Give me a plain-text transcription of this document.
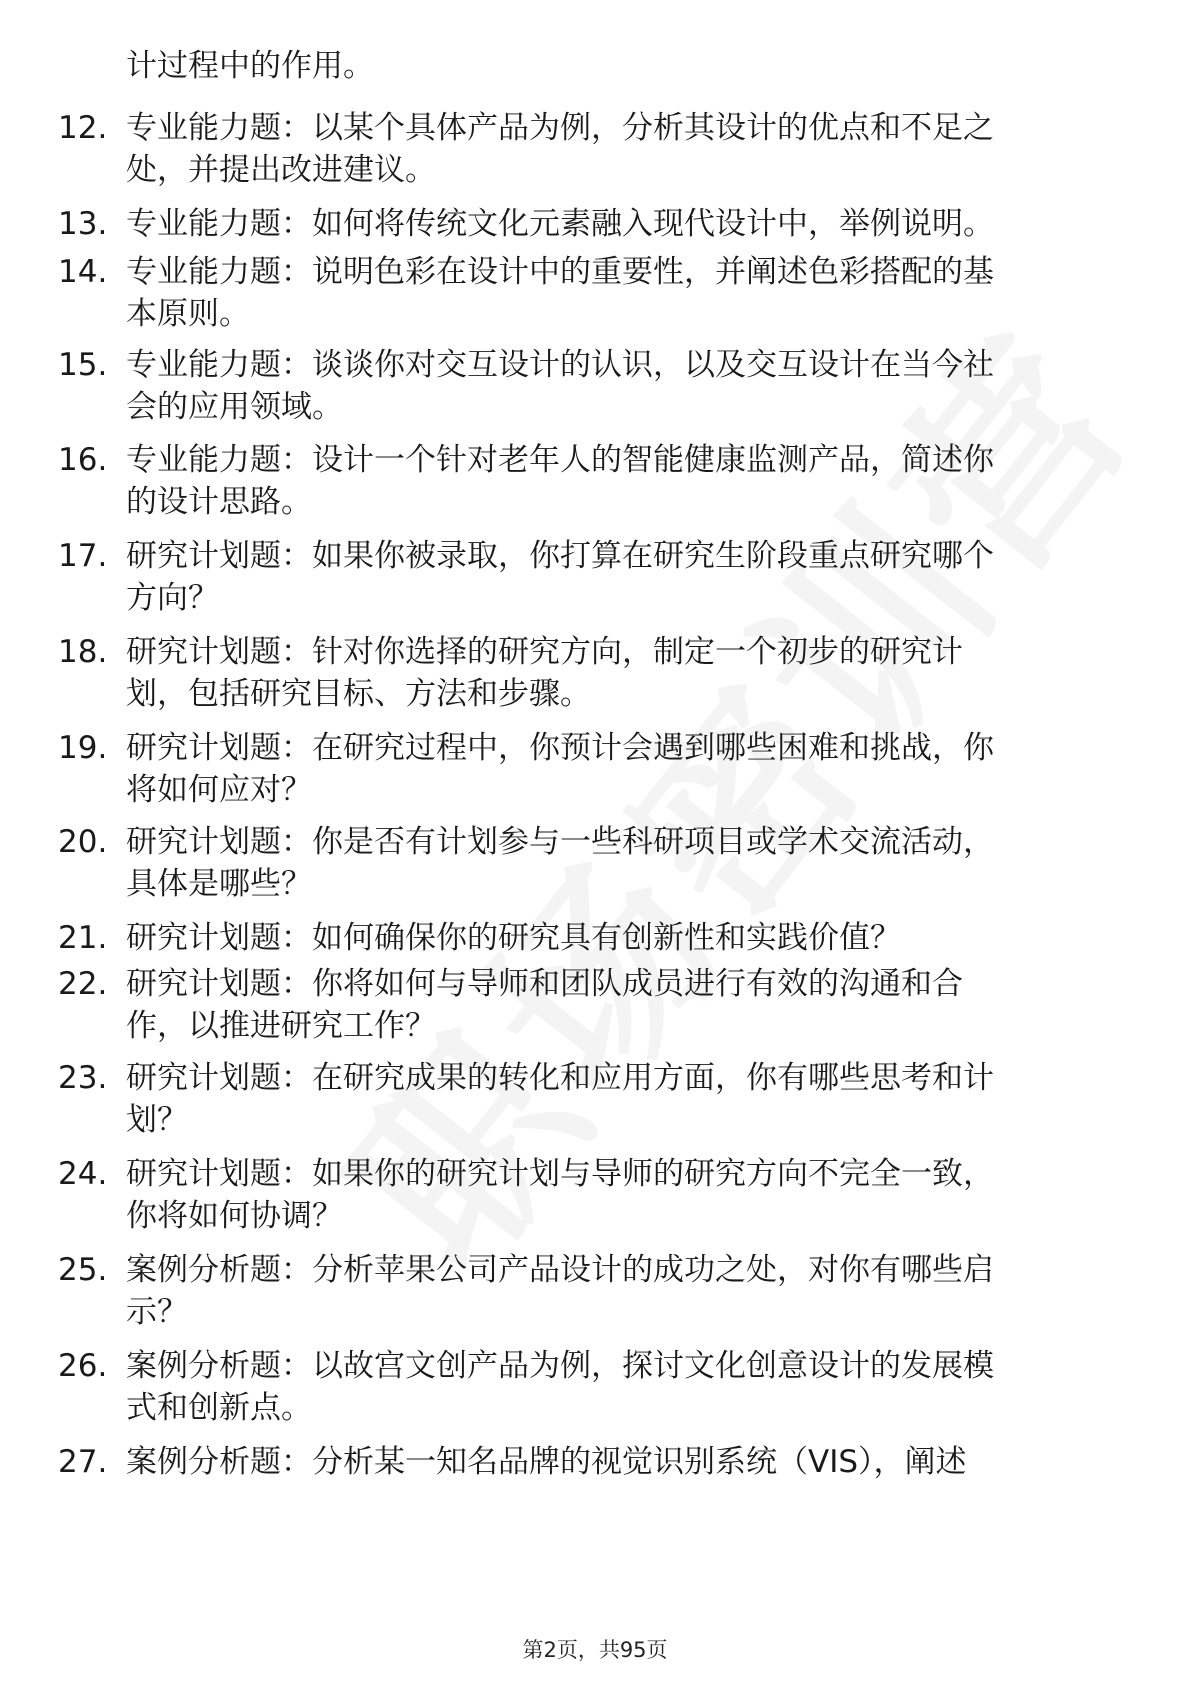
计过程中的作用。
12. 专业能力题：以某个具体产品为例，分析其设计的优点和不足之
处，并提出改进建议。
13. 专业能力题：如何将传统文化元素融入现代设计中，举例说明。
14. 专业能力题：说明色彩在设计中的重要性，并阐述色彩搭配的基
本原则。
15. 专业能力题：谈谈你对交互设计的认识，以及交互设计在当今社
会的应用领域。
16. 专业能力题：设计一个针对老年人的智能健康监测产品，简述你
的设计思路。
17. 研究计划题：如果你被录取，你打算在研究生阶段重点研究哪个
方向？
18. 研究计划题：针对你选择的研究方向，制定一个初步的研究计
划，包括研究目标、方法和步骤。
19. 研究计划题：在研究过程中，你预计会遇到哪些困难和挑战，你
将如何应对？
20. 研究计划题：你是否有计划参与一些科研项目或学术交流活动，
具体是哪些？
21. 研究计划题：如何确保你的研究具有创新性和实践价值？
22. 研究计划题：你将如何与导师和团队成员进行有效的沟通和合
作，以推进研究工作？
23. 研究计划题：在研究成果的转化和应用方面，你有哪些思考和计
划？
24. 研究计划题：如果你的研究计划与导师的研究方向不完全一致，
你将如何协调？
25. 案例分析题：分析苹果公司产品设计的成功之处，对你有哪些启
示？
26. 案例分析题：以故宫文创产品为例，探讨文化创意设计的发展模
式和创新点。
27. 案例分析题：分析某一知名品牌的视觉识别系统（VIS），阐述
第2页，共95页
